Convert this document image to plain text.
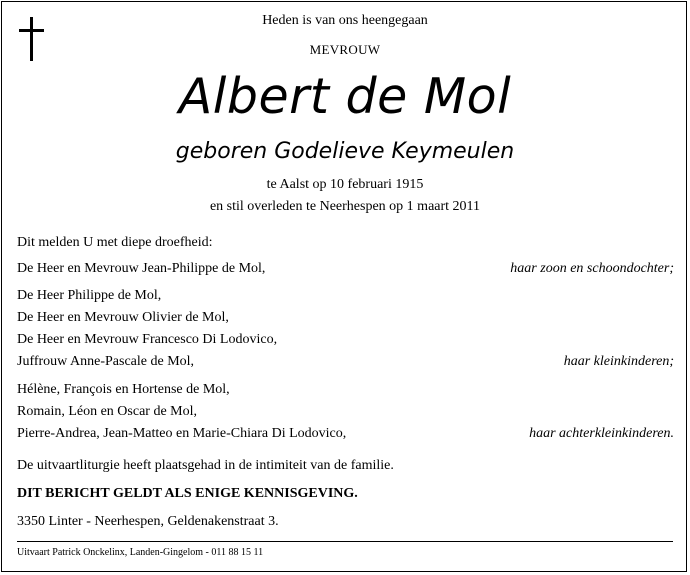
Heden is van ons heengegaan
MEVROUW
Albert de Mol
geboren Godelieve Keymeulen
te Aalst op 10 februari 1915
en stil overleden te Neerhespen op 1 maart 2011
Dit melden U met diepe droefheid:
De Heer en Mevrouw Jean-Philippe de Mol,	haar zoon en schoondochter;
De Heer Philippe de Mol,
De Heer en Mevrouw Olivier de Mol,
De Heer en Mevrouw Francesco Di Lodovico,
Juffrouw Anne-Pascale de Mol,	haar kleinkinderen;
Hélène, François en Hortense de Mol,
Romain, Léon en Oscar de Mol,
Pierre-Andrea, Jean-Matteo en Marie-Chiara Di Lodovico,	haar achterkleinkinderen.
De uitvaartliturgie heeft plaatsgehad in de intimiteit van de familie.
DIT BERICHT GELDT ALS ENIGE KENNISGEVING.
3350 Linter - Neerhespen, Geldenakenstraat 3.
Uitvaart Patrick Onckelinx, Landen-Gingelom - 011 88 15 11
